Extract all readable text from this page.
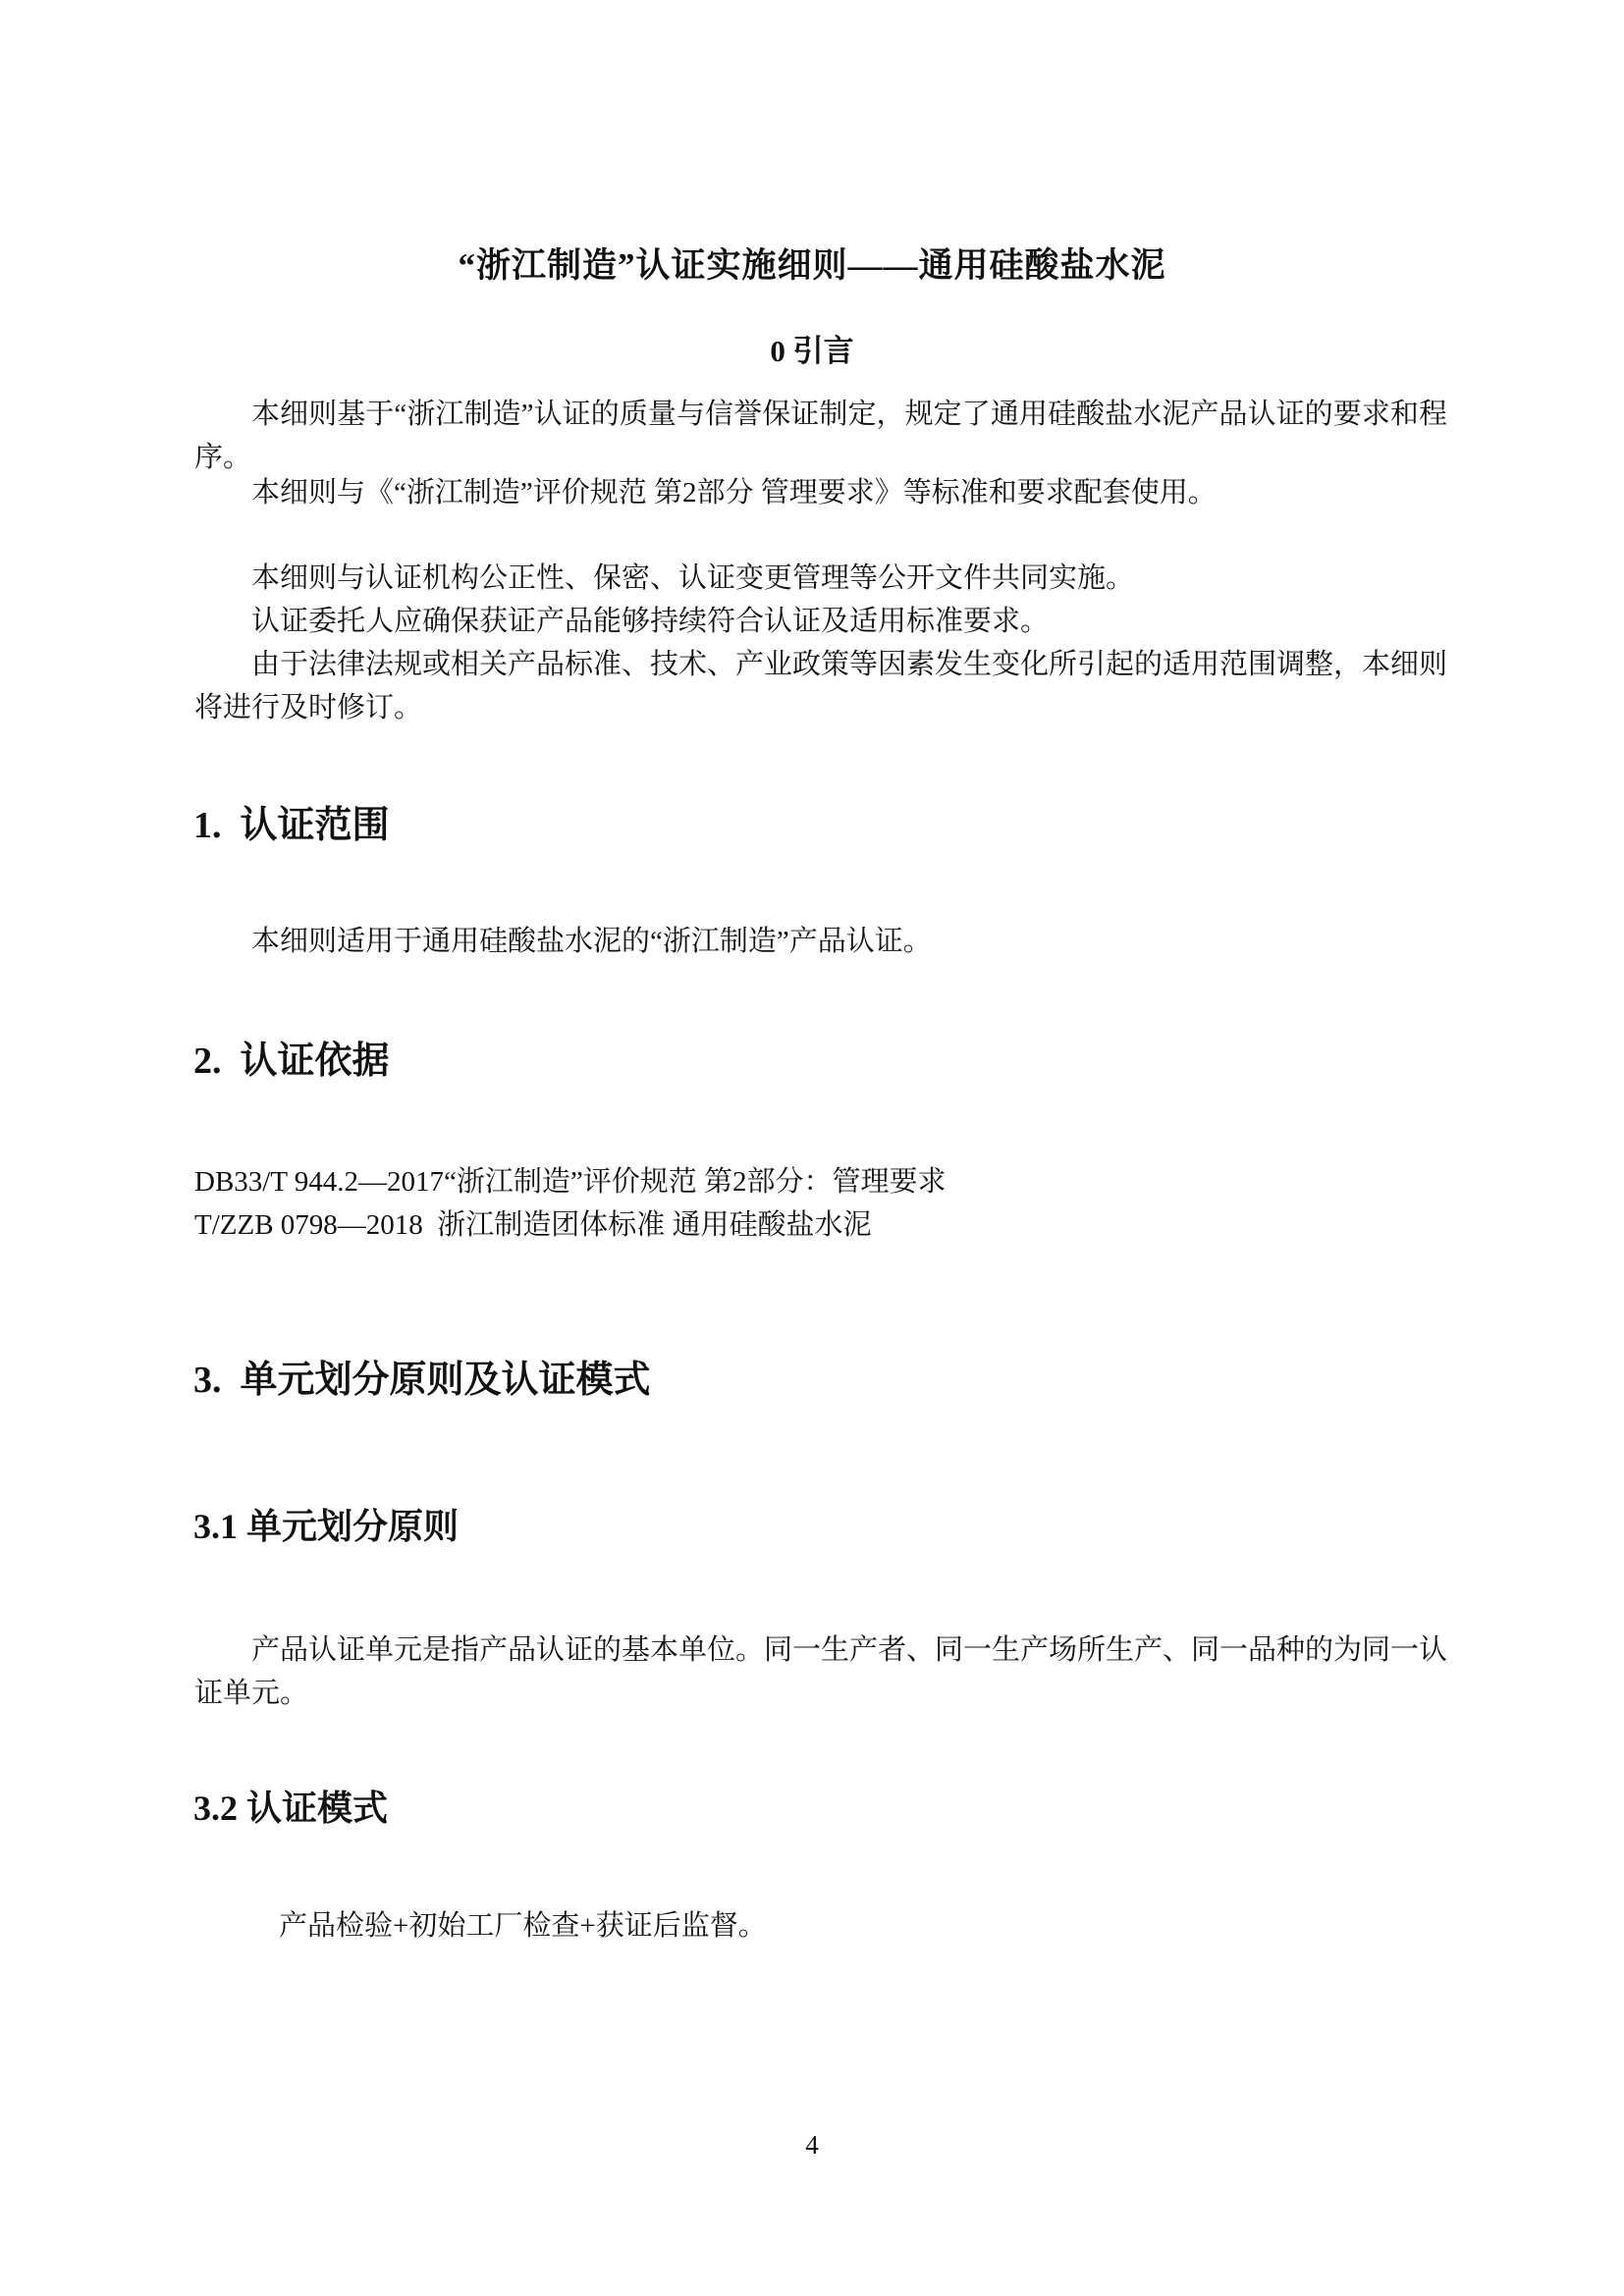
“浙江制造”认证实施细则——通用硅酸盐水泥
0 引言
本细则基于“浙江制造”认证的质量与信誉保证制定，规定了通用硅酸盐水泥产品认证的要求和程序。
本细则与《“浙江制造”评价规范 第2部分 管理要求》等标准和要求配套使用。
本细则与认证机构公正性、保密、认证变更管理等公开文件共同实施。
认证委托人应确保获证产品能够持续符合认证及适用标准要求。
由于法律法规或相关产品标准、技术、产业政策等因素发生变化所引起的适用范围调整，本细则将进行及时修订。
1.  认证范围
本细则适用于通用硅酸盐水泥的“浙江制造”产品认证。
2.  认证依据
DB33/T 944.2—2017“浙江制造”评价规范 第2部分：管理要求
T/ZZB 0798—2018  浙江制造团体标准 通用硅酸盐水泥
3.  单元划分原则及认证模式
3.1 单元划分原则
产品认证单元是指产品认证的基本单位。同一生产者、同一生产场所生产、同一品种的为同一认证单元。
3.2 认证模式
产品检验+初始工厂检查+获证后监督。
4
